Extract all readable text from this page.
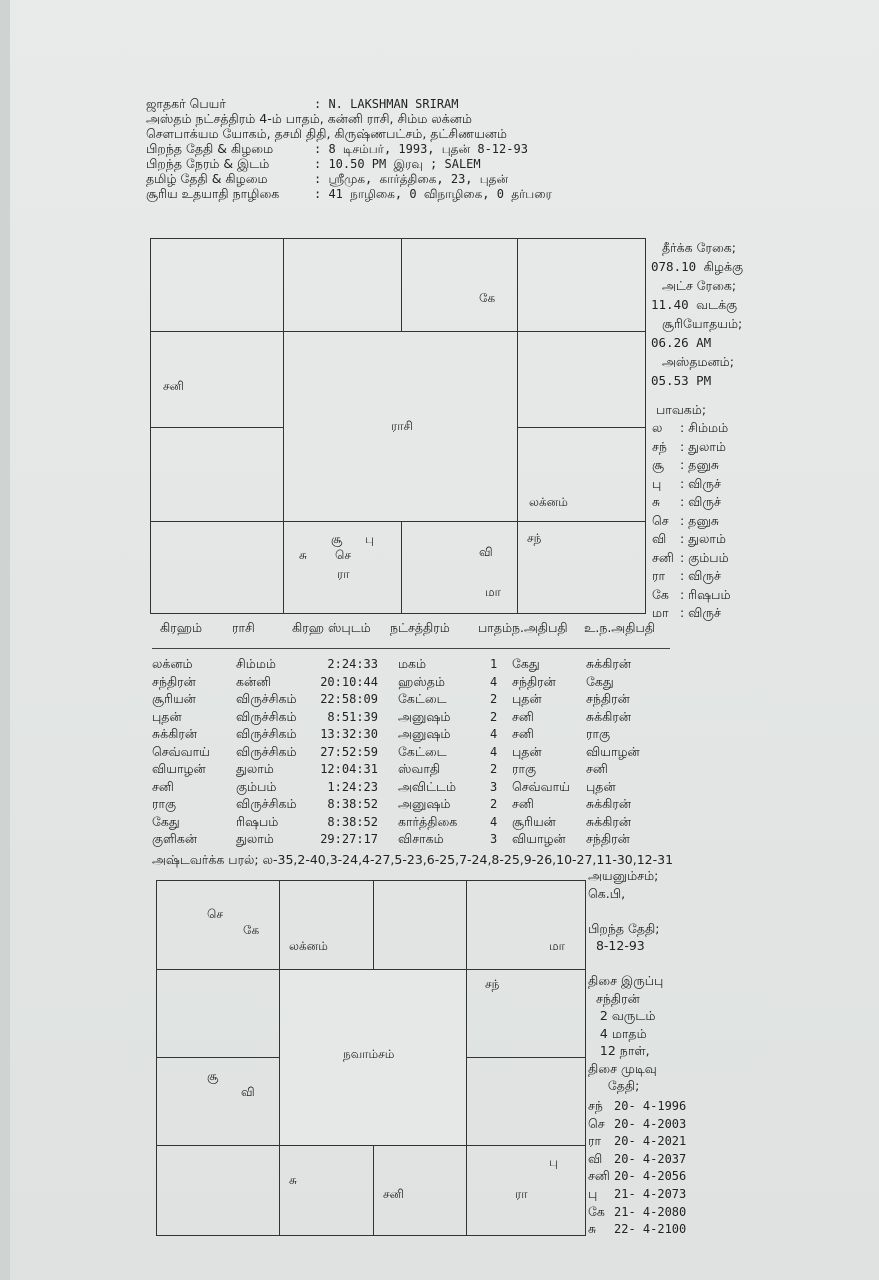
ஜாதகர் பெயர்	: N. LAKSHMAN SRIRAM
அஸ்தம் நட்சத்திரம் 4-ம் பாதம், கன்னி ராசி, சிம்ம லக்னம்
சௌபாக்யம யோகம், தசமி திதி, கிருஷ்ணபட்சம், தட்சிணயனம்
பிறந்த தேதி & கிழமை	: 8 டிசம்பர், 1993, புதன் 8-12-93
பிறந்த நேரம் & இடம்	: 10.50 PM இரவு ; SALEM
தமிழ் தேதி & கிழமை	: ஸ்ரீமுக, கார்த்திகை, 23, புதன்
சூரிய உதயாதி நாழிகை	: 41 நாழிகை, 0 விநாழிகை, 0 தர்பரை
ராசி
கே
சனி
லக்னம்
சூ பு
சு செ
ரா
வி
மா
சந்
தீர்க்க ரேகை;
078.10 கிழக்கு
அட்ச ரேகை;
11.40 வடக்கு
சூரியோதயம்;
06.26 AM
அஸ்தமனம்;
05.53 PM
பாவகம்;
ல : சிம்மம்
சந் : துலாம்
சூ : தனுசு
பு : விருச்
சு : விருச்
செ : தனுசு
வி : துலாம்
சனி : கும்பம்
ரா : விருச்
கே : ரிஷபம்
மா : விருச்
கிரஹம் ராசி	கிரஹ ஸ்புடம் நட்சத்திரம் பாதம் ந.அதிபதி உ.ந.அதிபதி
லக்னம்	சிம்மம்	2:24:33 மகம்	1 கேது	சுக்கிரன்
சந்திரன்	கன்னி	20:10:44 ஹஸ்தம்	4 சந்திரன் கேது
சூரியன்	விருச்சிகம்	22:58:09 கேட்டை	2 புதன்	சந்திரன்
புதன்	விருச்சிகம்	8:51:39 அனுஷம்	2 சனி	சுக்கிரன்
சுக்கிரன்	விருச்சிகம்	13:32:30 அனுஷம்	4 சனி	ராகு
செவ்வாய் விருச்சிகம்	27:52:59 கேட்டை	4 புதன்	வியாழன்
வியாழன் துலாம்	12:04:31 ஸ்வாதி	2 ராகு	சனி
சனி	கும்பம்	1:24:23 அவிட்டம்	3 செவ்வாய் புதன்
ராகு	விருச்சிகம்	8:38:52 அனுஷம்	2 சனி	சுக்கிரன்
கேது	ரிஷபம்	8:38:52 கார்த்திகை	4 சூரியன் சுக்கிரன்
குளிகன்	துலாம்	29:27:17 விசாகம்	3 வியாழன் சந்திரன்
அஷ்டவர்க்க பரல்; ல-35,2-40,3-24,4-27,5-23,6-25,7-24,8-25,9-26,10-27,11-30,12-31
நவாம்சம்
செ
கே
லக்னம்	மா
சந்
சூ
வி
சு
சனி
பு
ரா
அயனும்சம்;
கெ.பி,
பிறந்த தேதி;
8-12-93
திசை இருப்பு
சந்திரன்
2 வருடம்
4 மாதம்
12 நாள்,
திசை முடிவு
தேதி;
சந் 20- 4-1996
செ 20- 4-2003
ரா 20- 4-2021
வி 20- 4-2037
சனி 20- 4-2056
பு 21- 4-2073
கே 21- 4-2080
சு 22- 4-2100
